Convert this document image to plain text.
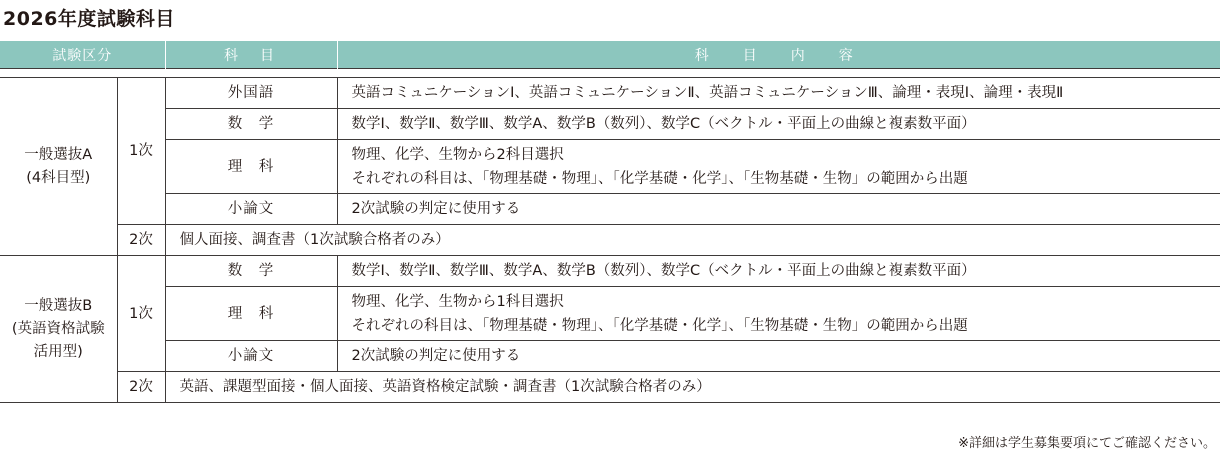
2026年度試験科目
試験区分		科　目	科　目　内　容

一般選抜A
(4科目型)	1次	外国語	英語コミュニケーションⅠ、英語コミュニケーションⅡ、英語コミュニケーションⅢ、論理・表現Ⅰ、論理・表現Ⅱ
		数　学	数学Ⅰ、数学Ⅱ、数学Ⅲ、数学A、数学B（数列）、数学C（ベクトル・平面上の曲線と複素数平面）
		理　科	物理、化学、生物から2科目選択
それぞれの科目は、「物理基礎・物理」、「化学基礎・化学」、「生物基礎・生物」の範囲から出題

		小論文	2次試験の判定に使用する

	2次	個人面接、調査書（1次試験合格者のみ）	

一般選抜B
(英語資格試験
活用型)	1次	数　学	数学Ⅰ、数学Ⅱ、数学Ⅲ、数学A、数学B（数列）、数学C（ベクトル・平面上の曲線と複素数平面）
		理　科	物理、化学、生物から1科目選択
それぞれの科目は、「物理基礎・物理」、「化学基礎・化学」、「生物基礎・生物」の範囲から出題

		小論文	2次試験の判定に使用する

	2次	英語、課題型面接・個人面接、英語資格検定試験・調査書（1次試験合格者のみ）	

※詳細は学生募集要項にてご確認ください。
